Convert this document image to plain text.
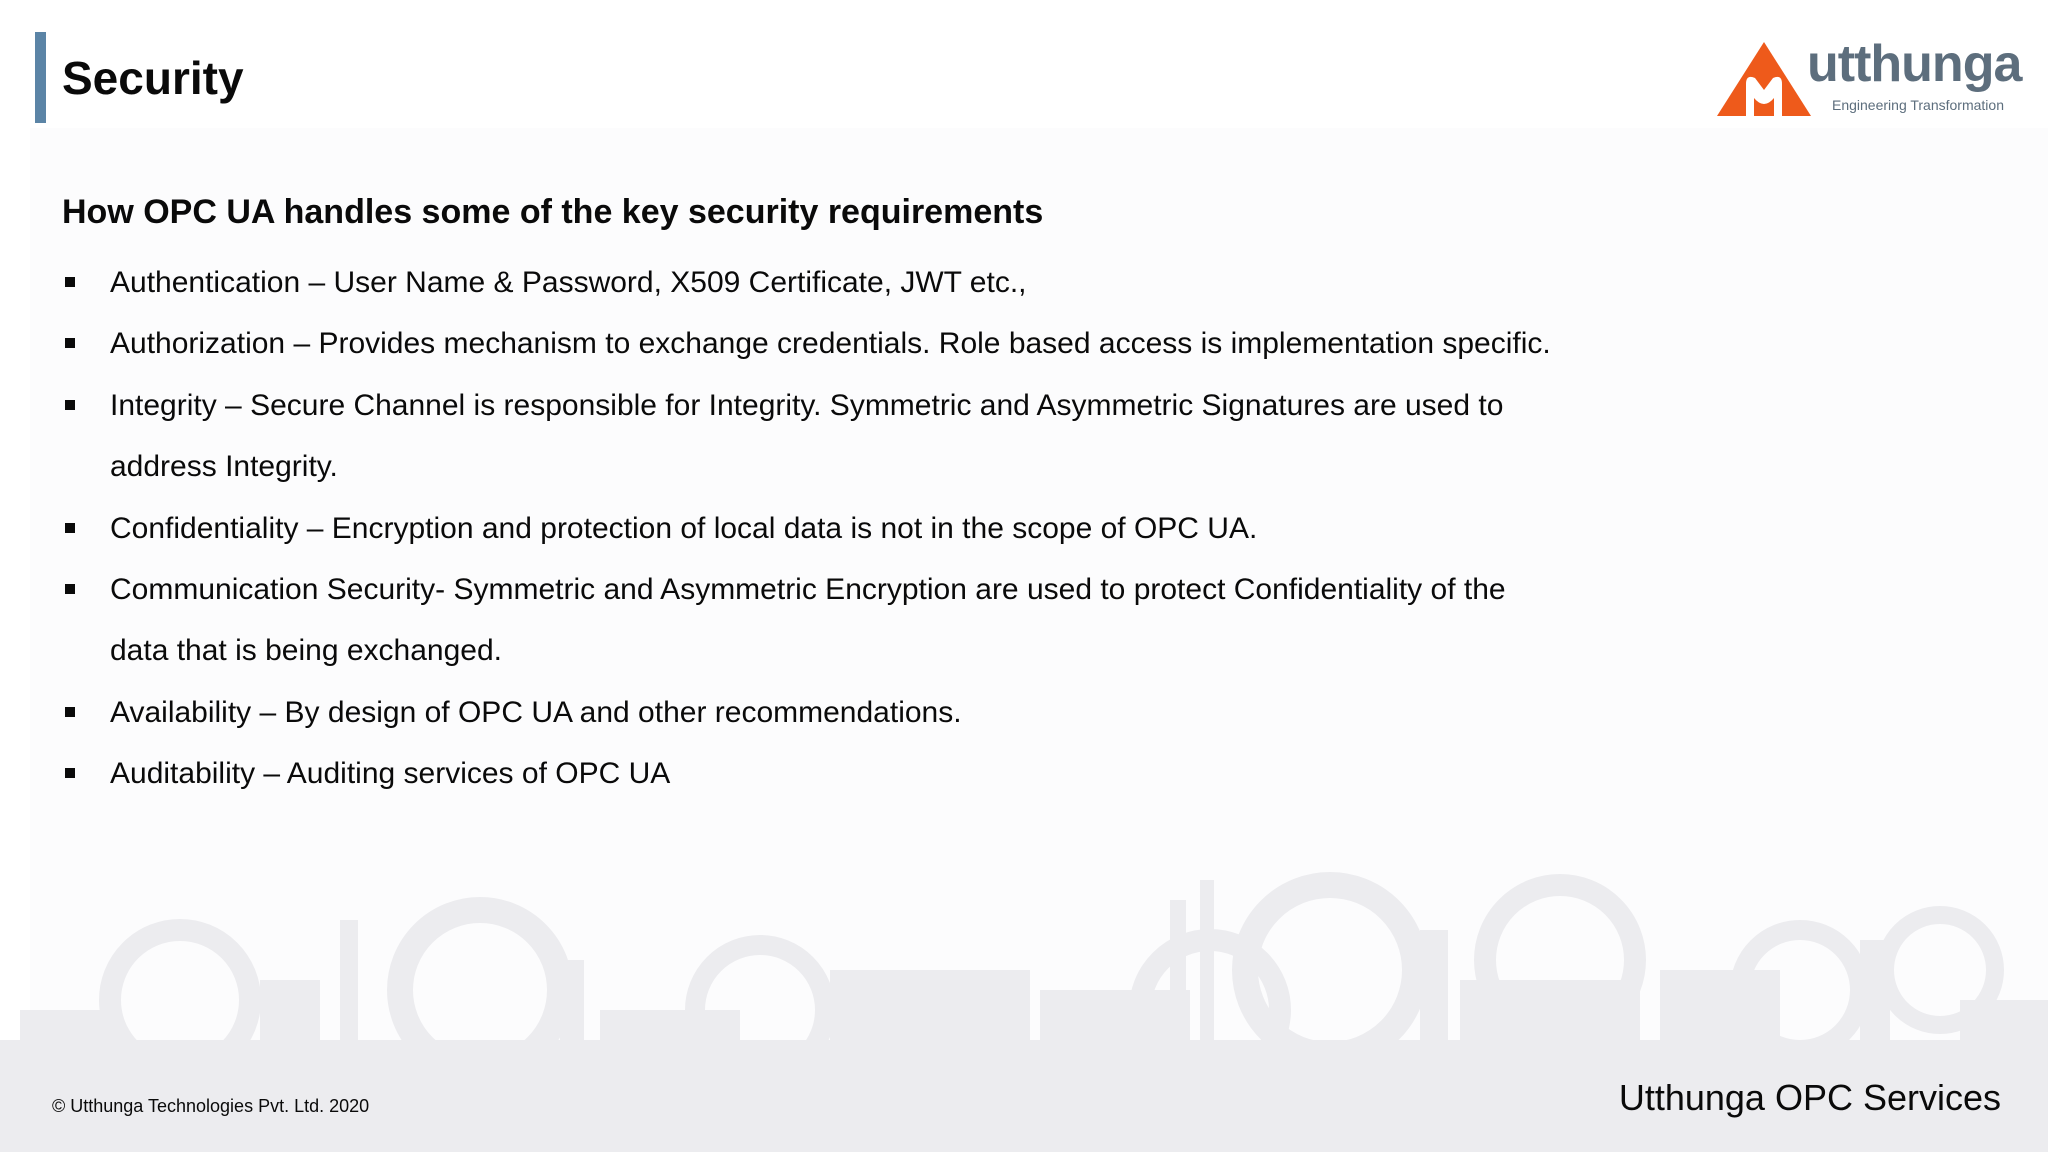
Security	utthunga
Engineering Transformation
How OPC UA handles some of the key security requirements
Authentication – User Name & Password, X509 Certificate, JWT etc.,
Authorization – Provides mechanism to exchange credentials. Role based access is implementation specific.
Integrity – Secure Channel is responsible for Integrity. Symmetric and Asymmetric Signatures are used to address Integrity.
Confidentiality – Encryption and protection of local data is not in the scope of OPC UA.
Communication Security- Symmetric and Asymmetric Encryption are used to protect Confidentiality of the data that is being exchanged.
Availability – By design of OPC UA and other recommendations.
Auditability – Auditing services of OPC UA
© Utthunga Technologies Pvt. Ltd. 2020	Utthunga OPC Services
